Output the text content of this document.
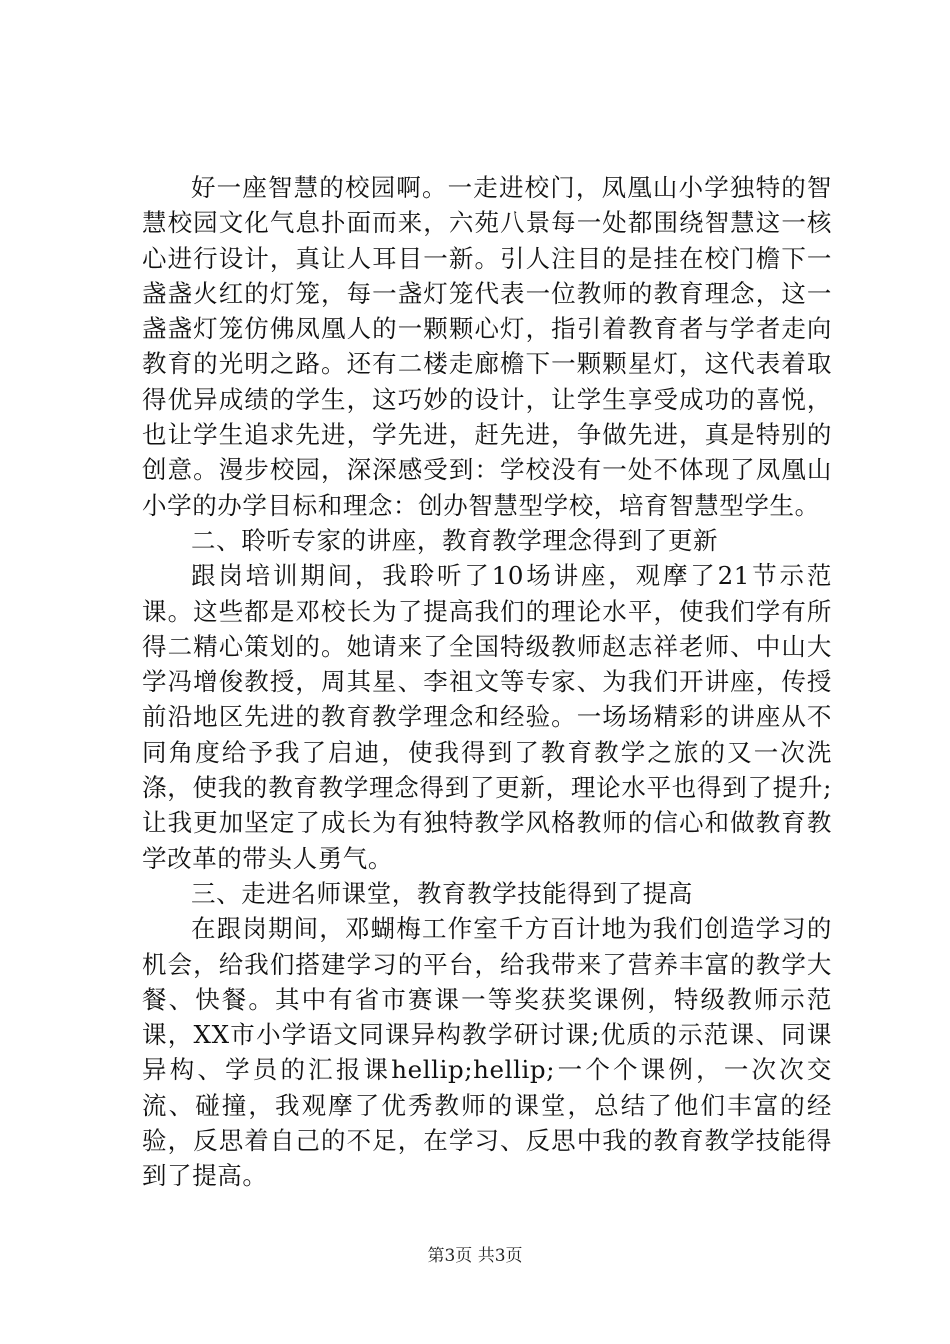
好一座智慧的校园啊。一走进校门，凤凰山小学独特的智慧校园文化气息扑面而来，六苑八景每一处都围绕智慧这一核心进行设计，真让人耳目一新。引人注目的是挂在校门檐下一盏盏火红的灯笼，每一盏灯笼代表一位教师的教育理念，这一盏盏灯笼仿佛凤凰人的一颗颗心灯，指引着教育者与学者走向教育的光明之路。还有二楼走廊檐下一颗颗星灯，这代表着取得优异成绩的学生，这巧妙的设计，让学生享受成功的喜悦，也让学生追求先进，学先进，赶先进，争做先进，真是特别的创意。漫步校园，深深感受到：学校没有一处不体现了凤凰山小学的办学目标和理念：创办智慧型学校，培育智慧型学生。

二、聆听专家的讲座，教育教学理念得到了更新

跟岗培训期间，我聆听了10场讲座，观摩了21节示范课。这些都是邓校长为了提高我们的理论水平，使我们学有所得二精心策划的。她请来了全国特级教师赵志祥老师、中山大学冯增俊教授，周其星、李祖文等专家、为我们开讲座，传授前沿地区先进的教育教学理念和经验。一场场精彩的讲座从不同角度给予我了启迪，使我得到了教育教学之旅的又一次洗涤，使我的教育教学理念得到了更新，理论水平也得到了提升;让我更加坚定了成长为有独特教学风格教师的信心和做教育教学改革的带头人勇气。

三、走进名师课堂，教育教学技能得到了提高

在跟岗期间，邓蝴梅工作室千方百计地为我们创造学习的机会，给我们搭建学习的平台，给我带来了营养丰富的教学大餐、快餐。其中有省市赛课一等奖获奖课例，特级教师示范课，XX市小学语文同课异构教学研讨课;优质的示范课、同课异构、学员的汇报课hellip;hellip;一个个课例，一次次交流、碰撞，我观摩了优秀教师的课堂，总结了他们丰富的经验，反思着自己的不足，在学习、反思中我的教育教学技能得到了提高。

第3页 共3页
